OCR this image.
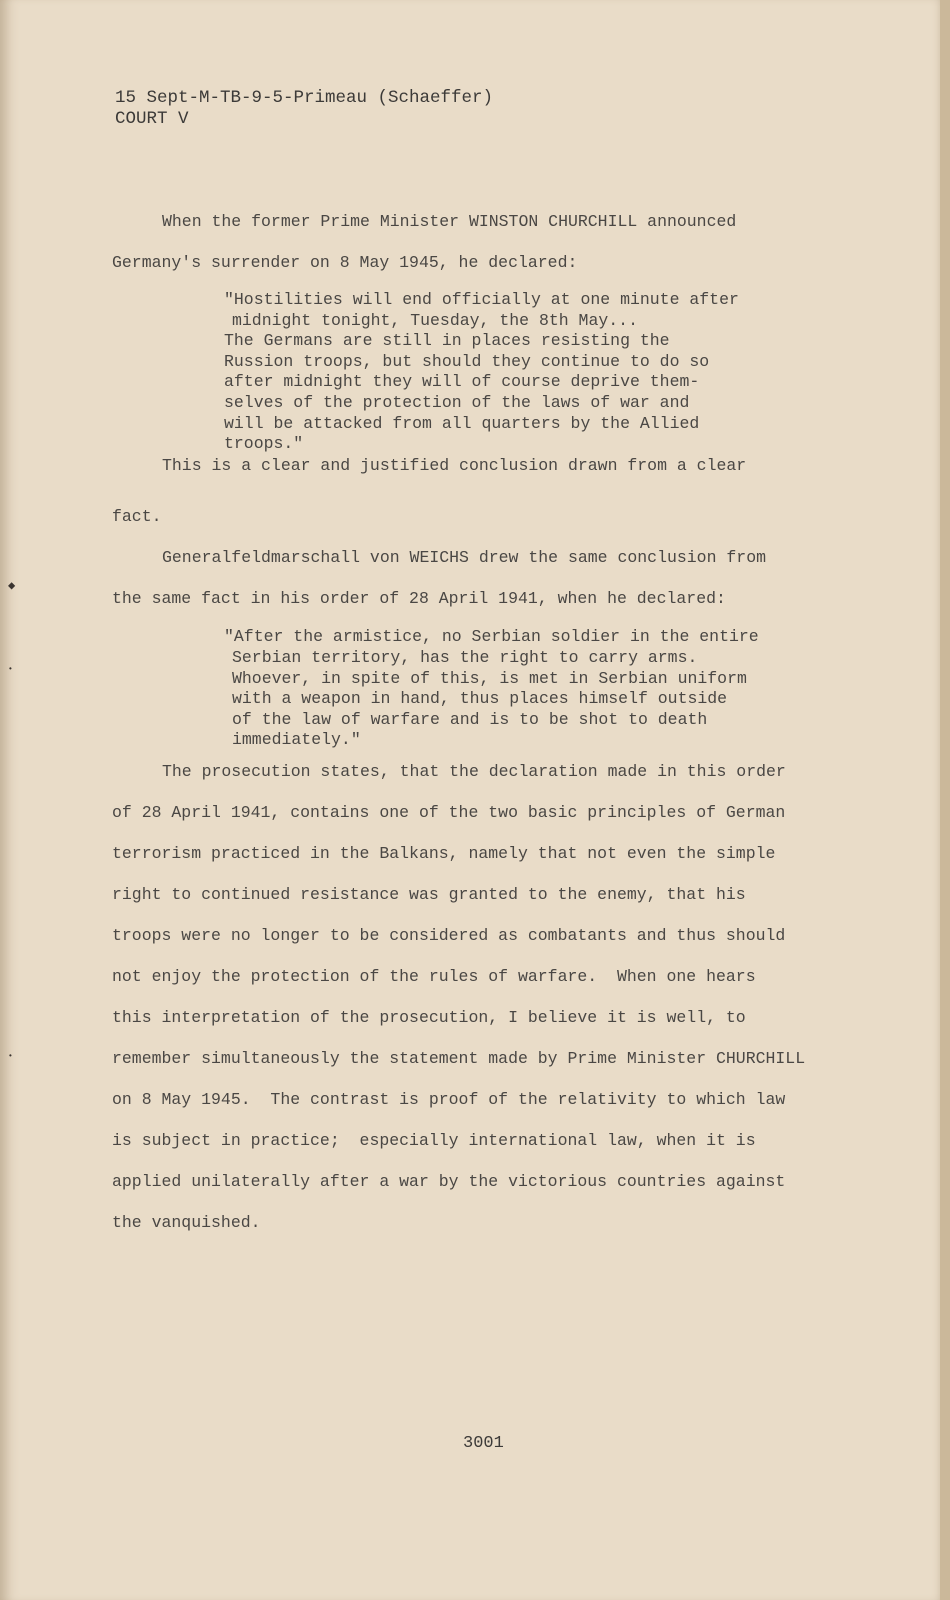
15 Sept-M-TB-9-5-Primeau (Schaeffer)
COURT V

When the former Prime Minister WINSTON CHURCHILL announced

Germany's surrender on 8 May 1945, he declared:

"Hostilities will end officially at one minute after

midnight tonight, Tuesday, the 8th May...

The Germans are still in places resisting the

Russion troops, but should they continue to do so

after midnight they will of course deprive them-

selves of the protection of the laws of war and

will be attacked from all quarters by the Allied

troops."

This is a clear and justified conclusion drawn from a clear

fact.

Generalfeldmarschall von WEICHS drew the same conclusion from

the same fact in his order of 28 April 1941, when he declared:

"After the armistice, no Serbian soldier in the entire

Serbian territory, has the right to carry arms.

Whoever, in spite of this, is met in Serbian uniform

with a weapon in hand, thus places himself outside

of the law of warfare and is to be shot to death

immediately."

The prosecution states, that the declaration made in this order

of 28 April 1941, contains one of the two basic principles of German

terrorism practiced in the Balkans, namely that not even the simple

right to continued resistance was granted to the enemy, that his

troops were no longer to be considered as combatants and thus should

not enjoy the protection of the rules of warfare.  When one hears

this interpretation of the prosecution, I believe it is well, to

remember simultaneously the statement made by Prime Minister CHURCHILL

on 8 May 1945.  The contrast is proof of the relativity to which law

is subject in practice;  especially international law, when it is

applied unilaterally after a war by the victorious countries against

the vanquished.

3001
◆
•
•
